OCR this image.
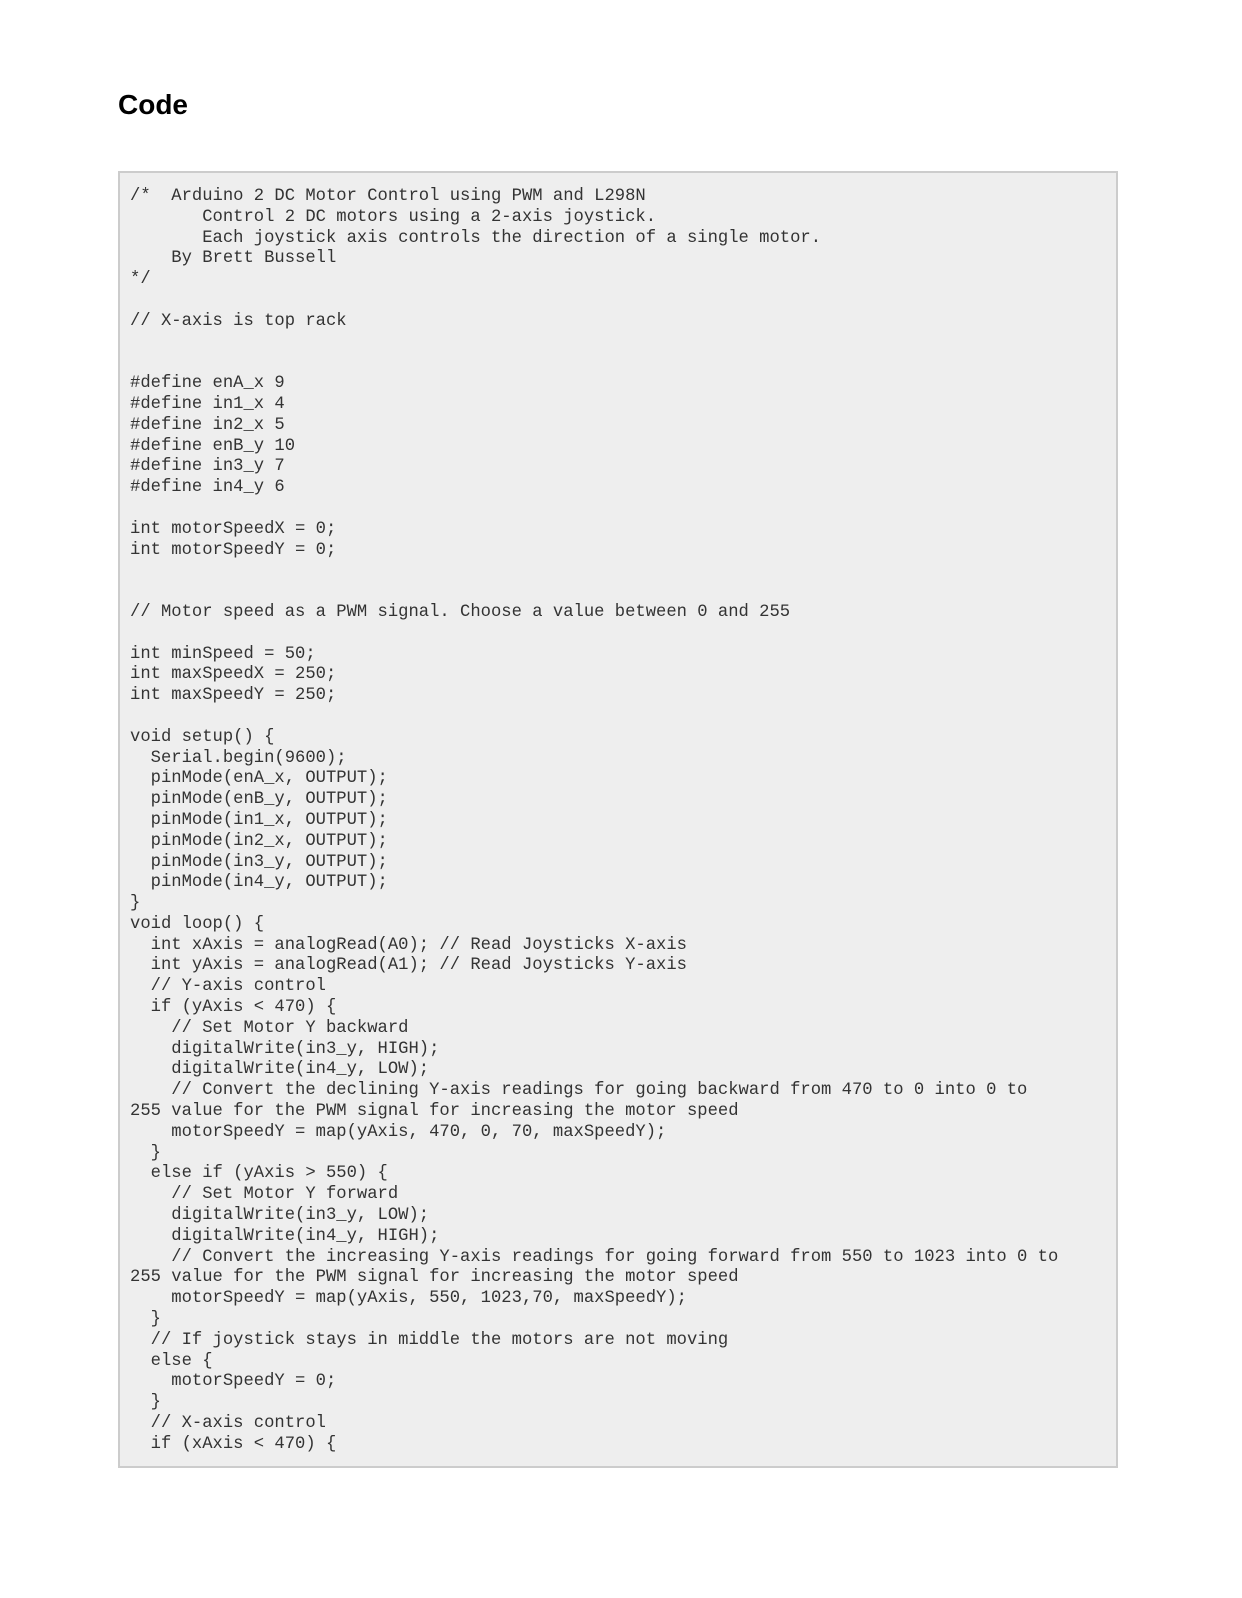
Code
/*  Arduino 2 DC Motor Control using PWM and L298N
Control 2 DC motors using a 2-axis joystick.
Each joystick axis controls the direction of a single motor.
By Brett Bussell
*/
// X-axis is top rack
#define enA_x 9
#define in1_x 4
#define in2_x 5
#define enB_y 10
#define in3_y 7
#define in4_y 6
int motorSpeedX = 0;
int motorSpeedY = 0;
// Motor speed as a PWM signal. Choose a value between 0 and 255
int minSpeed = 50;
int maxSpeedX = 250;
int maxSpeedY = 250;
void setup() {
Serial.begin(9600);
pinMode(enA_x, OUTPUT);
pinMode(enB_y, OUTPUT);
pinMode(in1_x, OUTPUT);
pinMode(in2_x, OUTPUT);
pinMode(in3_y, OUTPUT);
pinMode(in4_y, OUTPUT);
}
void loop() {
int xAxis = analogRead(A0); // Read Joysticks X-axis
int yAxis = analogRead(A1); // Read Joysticks Y-axis
// Y-axis control
if (yAxis < 470) {
// Set Motor Y backward
digitalWrite(in3_y, HIGH);
digitalWrite(in4_y, LOW);
// Convert the declining Y-axis readings for going backward from 470 to 0 into 0 to
255 value for the PWM signal for increasing the motor speed
motorSpeedY = map(yAxis, 470, 0, 70, maxSpeedY);
}
else if (yAxis > 550) {
// Set Motor Y forward
digitalWrite(in3_y, LOW);
digitalWrite(in4_y, HIGH);
// Convert the increasing Y-axis readings for going forward from 550 to 1023 into 0 to
255 value for the PWM signal for increasing the motor speed
motorSpeedY = map(yAxis, 550, 1023,70, maxSpeedY);
}
// If joystick stays in middle the motors are not moving
else {
motorSpeedY = 0;
}
// X-axis control
if (xAxis < 470) {
